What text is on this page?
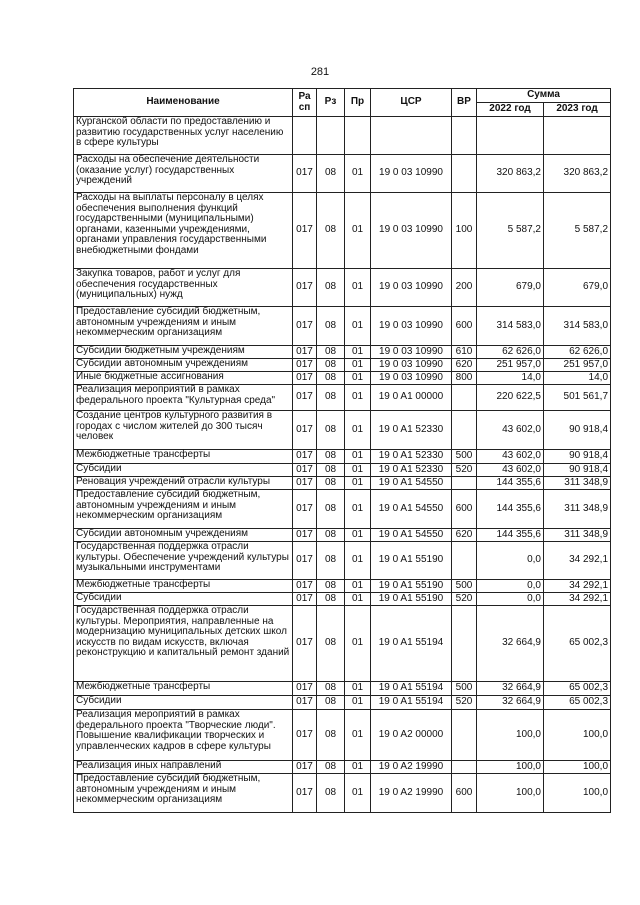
281
Наименование	Ра сп	Рз	Пр	ЦСР	ВР	Сумма	
						2022 год	2023 год
Курганской области по предоставлению и развитию государственных услуг населению в сфере культуры							
Расходы на обеспечение деятельности (оказание услуг) государственных учреждений	017	08	01	19 0 03 10990		320 863,2	320 863,2
Расходы на выплаты персоналу в целях обеспечения выполнения функций государственными (муниципальными) органами, казенными учреждениями, органами управления государственными внебюджетными фондами	017	08	01	19 0 03 10990	100	5 587,2	5 587,2
Закупка товаров, работ и услуг для обеспечения государственных (муниципальных) нужд	017	08	01	19 0 03 10990	200	679,0	679,0
Предоставление субсидий бюджетным, автономным учреждениям и иным некоммерческим организациям	017	08	01	19 0 03 10990	600	314 583,0	314 583,0
Субсидии бюджетным учреждениям	017	08	01	19 0 03 10990	610	62 626,0	62 626,0
Субсидии автономным учреждениям	017	08	01	19 0 03 10990	620	251 957,0	251 957,0
Иные бюджетные ассигнования	017	08	01	19 0 03 10990	800	14,0	14,0
Реализация мероприятий в рамках федерального проекта "Культурная среда"	017	08	01	19 0 A1 00000		220 622,5	501 561,7
Создание центров культурного развития в городах с числом жителей до 300 тысяч человек	017	08	01	19 0 A1 52330		43 602,0	90 918,4
Межбюджетные трансферты	017	08	01	19 0 A1 52330	500	43 602,0	90 918,4
Субсидии	017	08	01	19 0 A1 52330	520	43 602,0	90 918,4
Реновация учреждений отрасли культуры	017	08	01	19 0 A1 54550		144 355,6	311 348,9
Предоставление субсидий бюджетным, автономным учреждениям и иным некоммерческим организациям	017	08	01	19 0 A1 54550	600	144 355,6	311 348,9
Субсидии автономным учреждениям	017	08	01	19 0 A1 54550	620	144 355,6	311 348,9
Государственная поддержка отрасли культуры. Обеспечение учреждений культуры музыкальными инструментами	017	08	01	19 0 A1 55190		0,0	34 292,1
Межбюджетные трансферты	017	08	01	19 0 A1 55190	500	0,0	34 292,1
Субсидии	017	08	01	19 0 A1 55190	520	0,0	34 292,1
Государственная поддержка отрасли культуры. Мероприятия, направленные на модернизацию муниципальных детских школ искусств по видам искусств, включая реконструкцию и капитальный ремонт зданий	017	08	01	19 0 A1 55194		32 664,9	65 002,3
Межбюджетные трансферты	017	08	01	19 0 A1 55194	500	32 664,9	65 002,3
Субсидии	017	08	01	19 0 A1 55194	520	32 664,9	65 002,3
Реализация мероприятий в рамках федерального проекта "Творческие люди". Повышение квалификации творческих и управленческих кадров в сфере культуры	017	08	01	19 0 A2 00000		100,0	100,0
Реализация иных направлений	017	08	01	19 0 A2 19990		100,0	100,0
Предоставление субсидий бюджетным, автономным учреждениям и иным некоммерческим организациям	017	08	01	19 0 A2 19990	600	100,0	100,0
